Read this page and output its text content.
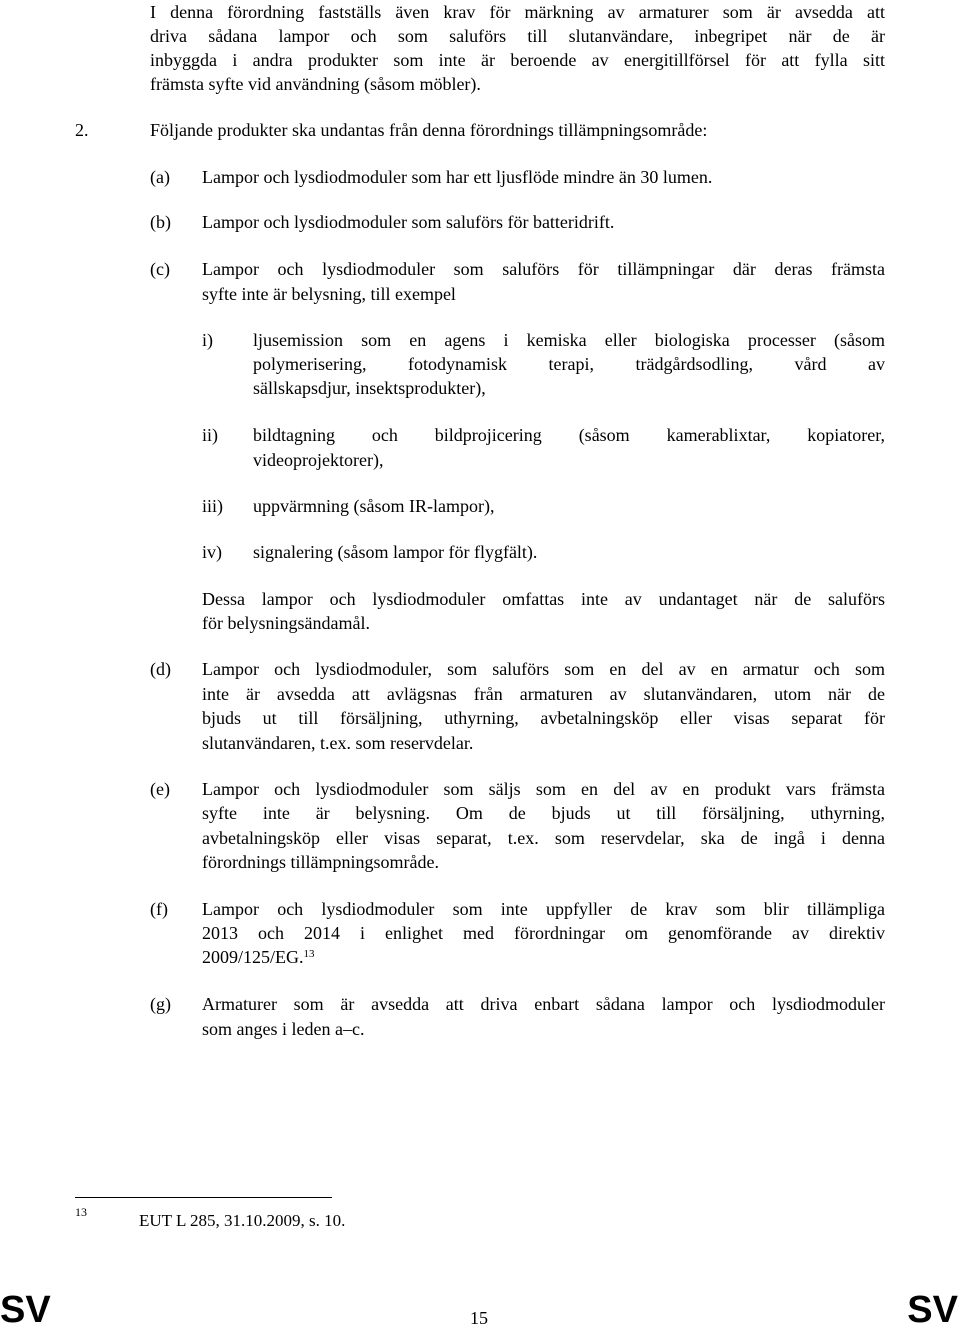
I denna förordning fastställs även krav för märkning av armaturer som är avsedda att
driva sådana lampor och som saluförs till slutanvändare, inbegripet när de är
inbyggda i andra produkter som inte är beroende av energitillförsel för att fylla sitt
främsta syfte vid användning (såsom möbler).
2.	Följande produkter ska undantas från denna förordnings tillämpningsområde:
(a) Lampor och lysdiodmoduler som har ett ljusflöde mindre än 30 lumen.
(b) Lampor och lysdiodmoduler som saluförs för batteridrift.
(c) Lampor och lysdiodmoduler som saluförs för tillämpningar där deras främsta
syfte inte är belysning, till exempel
i) ljusemission som en agens i kemiska eller biologiska processer (såsom
polymerisering, fotodynamisk terapi, trädgårdsodling, vård av
sällskapsdjur, insektsprodukter),
ii) bildtagning och bildprojicering (såsom kamerablixtar, kopiatorer,
videoprojektorer),
iii) uppvärmning (såsom IR-lampor),
iv) signalering (såsom lampor för flygfält).
Dessa lampor och lysdiodmoduler omfattas inte av undantaget när de saluförs
för belysningsändamål.
(d) Lampor och lysdiodmoduler, som saluförs som en del av en armatur och som
inte är avsedda att avlägsnas från armaturen av slutanvändaren, utom när de
bjuds ut till försäljning, uthyrning, avbetalningsköp eller visas separat för
slutanvändaren, t.ex. som reservdelar.
(e) Lampor och lysdiodmoduler som säljs som en del av en produkt vars främsta
syfte inte är belysning. Om de bjuds ut till försäljning, uthyrning,
avbetalningsköp eller visas separat, t.ex. som reservdelar, ska de ingå i denna
förordnings tillämpningsområde.
(f) Lampor och lysdiodmoduler som inte uppfyller de krav som blir tillämpliga
2013 och 2014 i enlighet med förordningar om genomförande av direktiv
2009/125/EG.$^{13}$
(g) Armaturer som är avsedda att driva enbart sådana lampor och lysdiodmoduler
som anges i leden a–c.
13	EUT L 285, 31.10.2009, s. 10.
SV	15	SV
